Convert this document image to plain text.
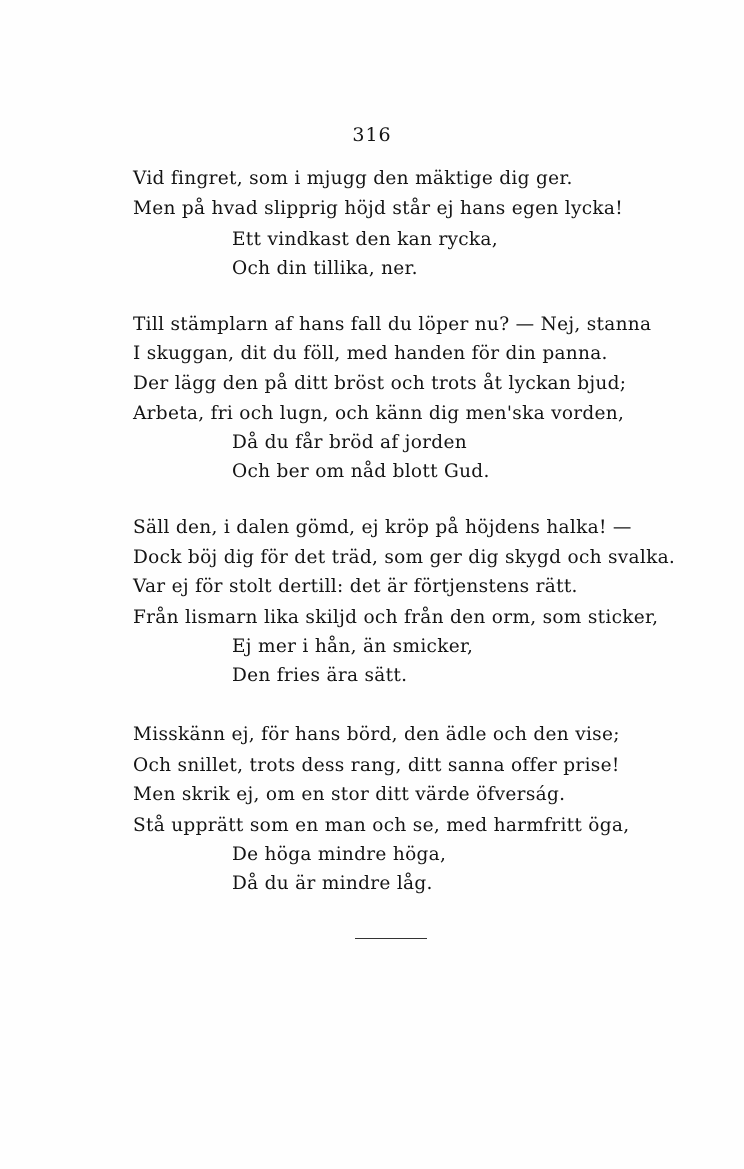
316
Vid fingret, som i mjugg den mäktige dig ger.
Men på hvad slipprig höjd står ej hans egen lycka!
Ett vindkast den kan rycka,
Och din tillika, ner.
Till stämplarn af hans fall du löper nu? — Nej, stanna
I skuggan, dit du föll, med handen för din panna.
Der lägg den på ditt bröst och trots åt lyckan bjud;
Arbeta, fri och lugn, och känn dig men'ska vorden,
Då du får bröd af jorden
Och ber om nåd blott Gud.
Säll den, i dalen gömd, ej kröp på höjdens halka! —
Dock böj dig för det träd, som ger dig skygd och svalka.
Var ej för stolt dertill: det är förtjenstens rätt.
Från lismarn lika skiljd och från den orm, som sticker,
Ej mer i hån, än smicker,
Den fries ära sätt.
Misskänn ej, för hans börd, den ädle och den vise;
Och snillet, trots dess rang, ditt sanna offer prise!
Men skrik ej, om en stor ditt värde öfverság.
Stå upprätt som en man och se, med harmfritt öga,
De höga mindre höga,
Då du är mindre låg.
